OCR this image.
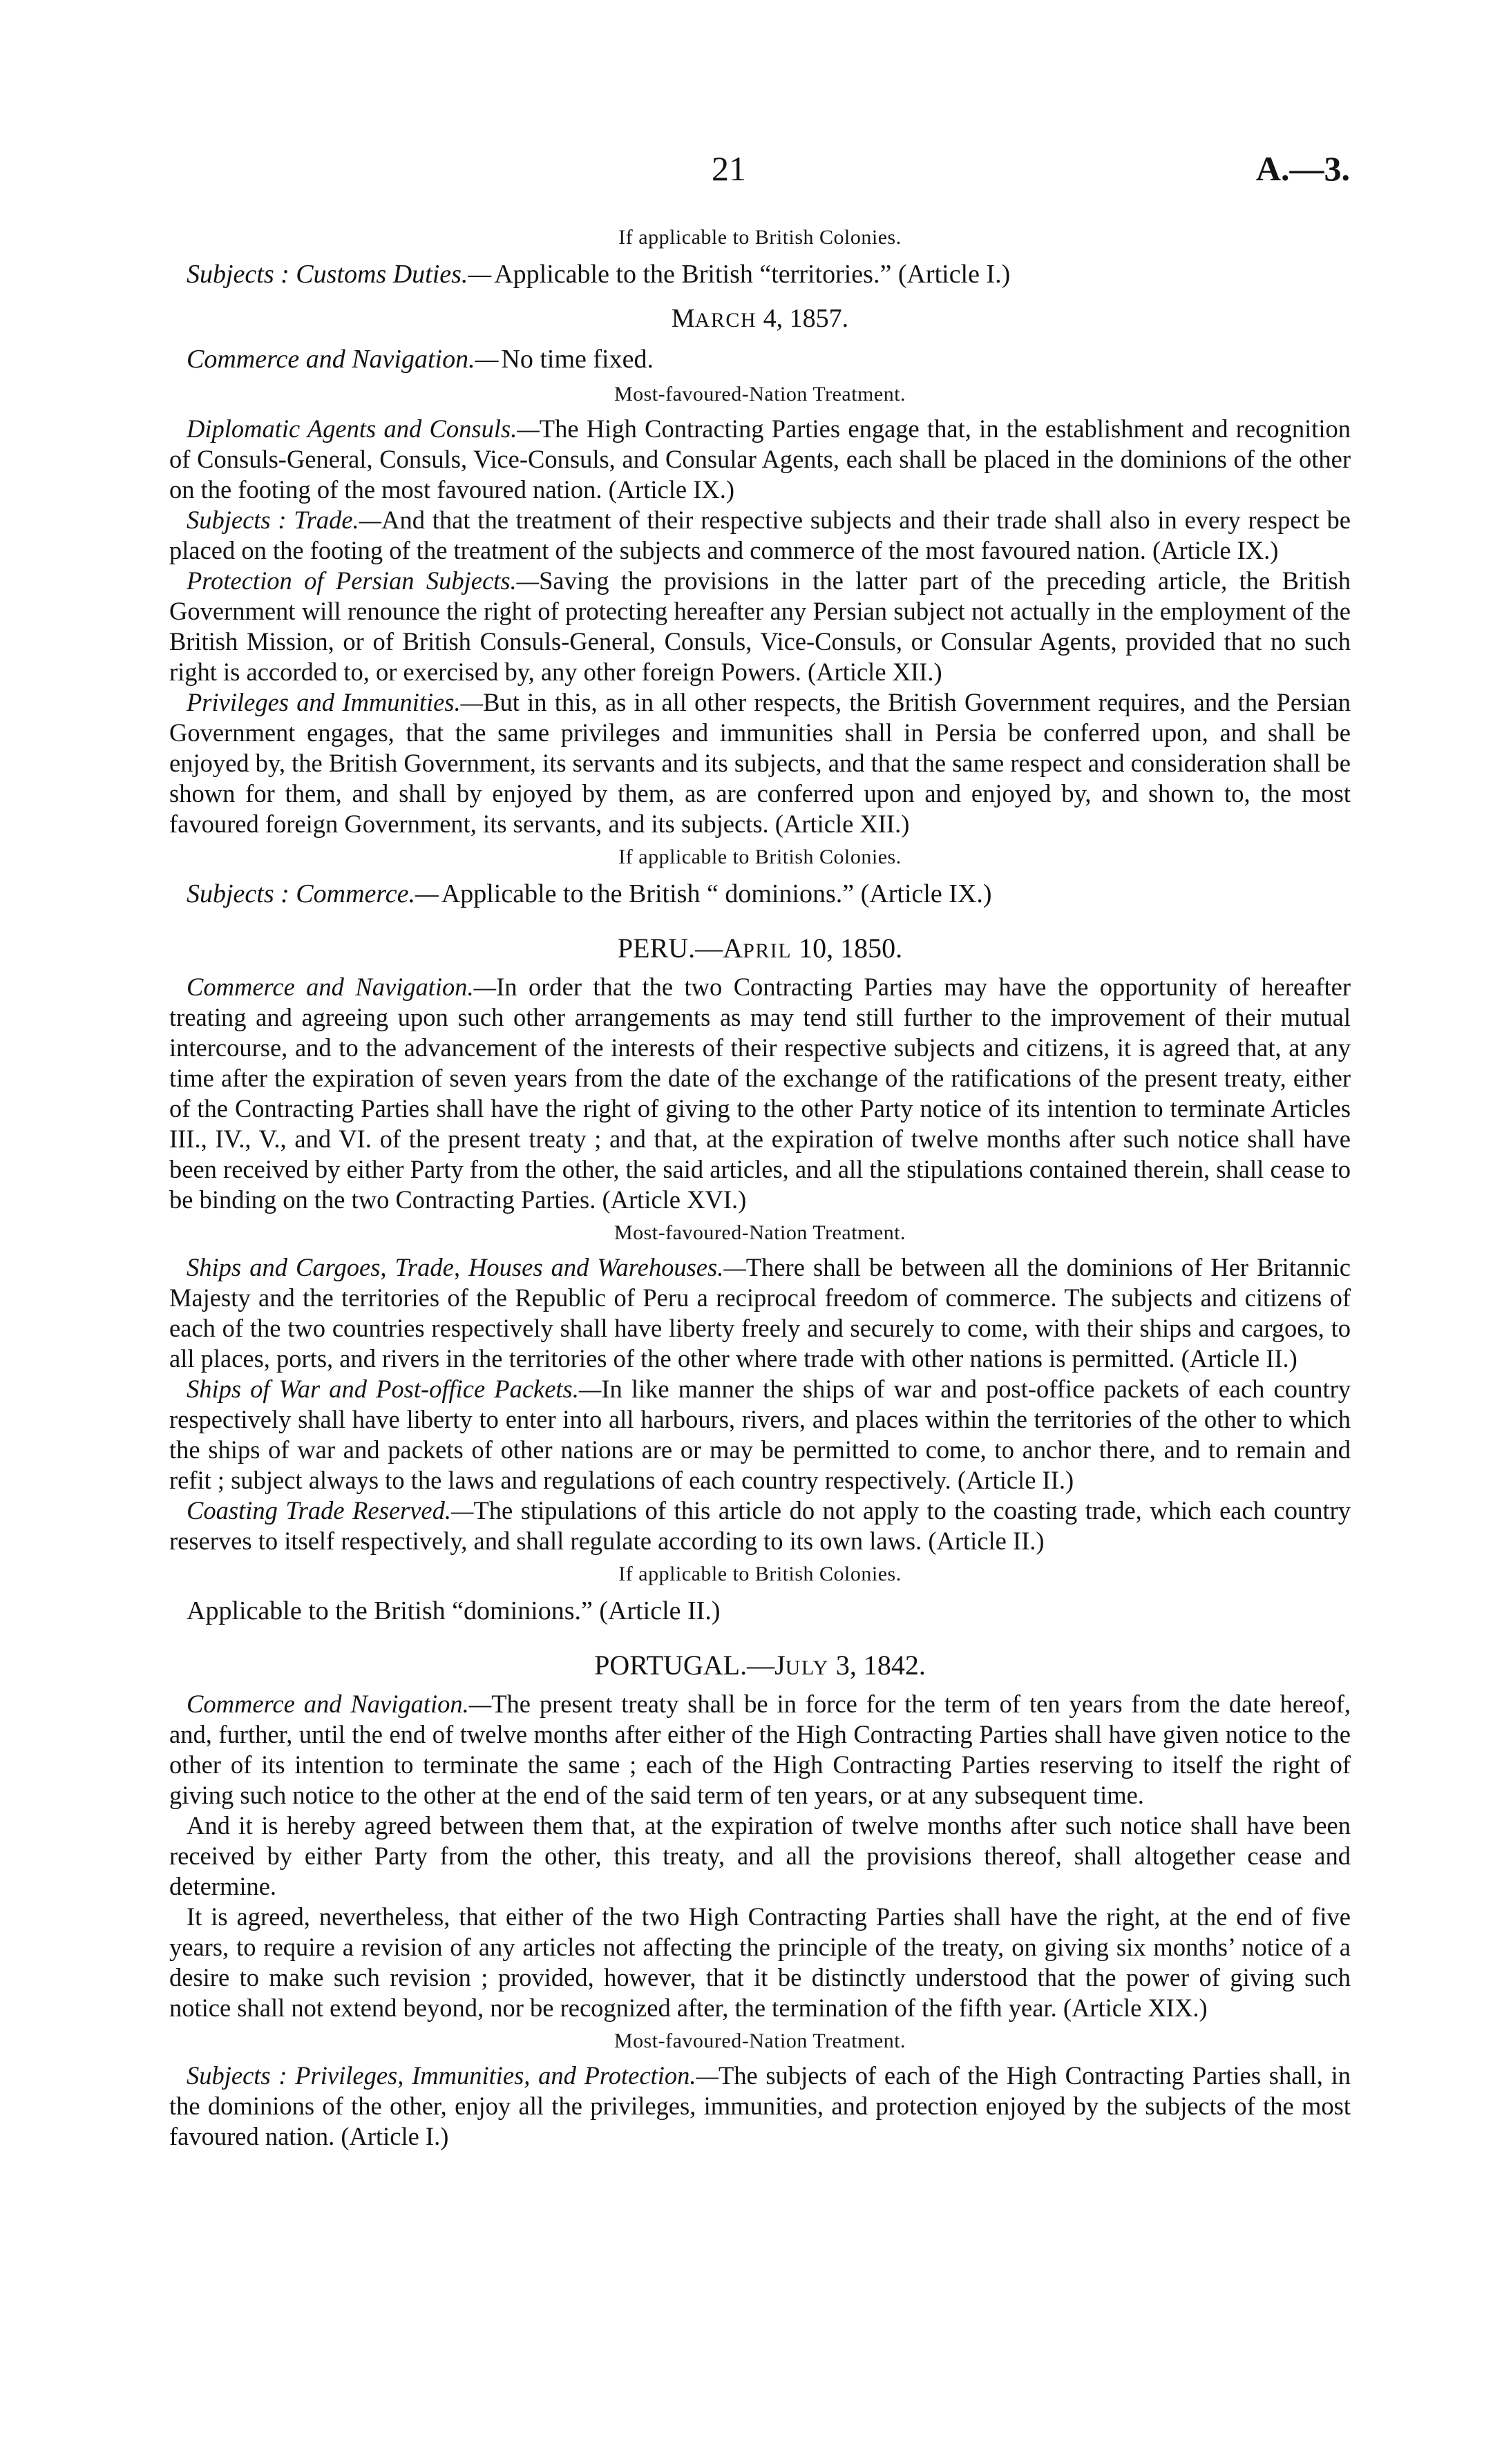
21	A.—3.
If applicable to British Colonies.

Subjects : Customs Duties.— Applicable to the British “territories.” (Article I.)

MARCH 4, 1857.

Commerce and Navigation.— No time fixed.

Most-favoured-Nation Treatment.

Diplomatic Agents and Consuls.—The High Contracting Parties engage that, in the establishment and recognition of Consuls-General, Consuls, Vice-Consuls, and Consular Agents, each shall be placed in the dominions of the other on the footing of the most favoured nation. (Article IX.)

Subjects : Trade.—And that the treatment of their respective subjects and their trade shall also in every respect be placed on the footing of the treatment of the subjects and commerce of the most favoured nation. (Article IX.)

Protection of Persian Subjects.—Saving the provisions in the latter part of the preceding article, the British Government will renounce the right of protecting hereafter any Persian subject not actually in the employment of the British Mission, or of British Consuls-General, Consuls, Vice-Consuls, or Consular Agents, provided that no such right is accorded to, or exercised by, any other foreign Powers. (Article XII.)

Privileges and Immunities.—But in this, as in all other respects, the British Government requires, and the Persian Government engages, that the same privileges and immunities shall in Persia be conferred upon, and shall be enjoyed by, the British Government, its servants and its subjects, and that the same respect and consideration shall be shown for them, and shall by enjoyed by them, as are conferred upon and enjoyed by, and shown to, the most favoured foreign Government, its servants, and its subjects. (Article XII.)

If applicable to British Colonies.

Subjects : Commerce.— Applicable to the British “ dominions.” (Article IX.)

PERU.—APRIL 10, 1850.

Commerce and Navigation.—In order that the two Contracting Parties may have the opportunity of hereafter treating and agreeing upon such other arrangements as may tend still further to the improvement of their mutual intercourse, and to the advancement of the interests of their respective subjects and citizens, it is agreed that, at any time after the expiration of seven years from the date of the exchange of the ratifications of the present treaty, either of the Contracting Parties shall have the right of giving to the other Party notice of its intention to terminate Articles III., IV., V., and VI. of the present treaty ; and that, at the expiration of twelve months after such notice shall have been received by either Party from the other, the said articles, and all the stipulations contained therein, shall cease to be binding on the two Contracting Parties. (Article XVI.)

Most-favoured-Nation Treatment.

Ships and Cargoes, Trade, Houses and Warehouses.—There shall be between all the dominions of Her Britannic Majesty and the territories of the Republic of Peru a reciprocal freedom of commerce. The subjects and citizens of each of the two countries respectively shall have liberty freely and securely to come, with their ships and cargoes, to all places, ports, and rivers in the territories of the other where trade with other nations is permitted. (Article II.)

Ships of War and Post-office Packets.—In like manner the ships of war and post-office packets of each country respectively shall have liberty to enter into all harbours, rivers, and places within the territories of the other to which the ships of war and packets of other nations are or may be permitted to come, to anchor there, and to remain and refit ; subject always to the laws and regulations of each country respectively. (Article II.)

Coasting Trade Reserved.—The stipulations of this article do not apply to the coasting trade, which each country reserves to itself respectively, and shall regulate according to its own laws. (Article II.)

If applicable to British Colonies.

Applicable to the British “dominions.” (Article II.)

PORTUGAL.—JULY 3, 1842.

Commerce and Navigation.—The present treaty shall be in force for the term of ten years from the date hereof, and, further, until the end of twelve months after either of the High Contracting Parties shall have given notice to the other of its intention to terminate the same ; each of the High Contracting Parties reserving to itself the right of giving such notice to the other at the end of the said term of ten years, or at any subsequent time.

And it is hereby agreed between them that, at the expiration of twelve months after such notice shall have been received by either Party from the other, this treaty, and all the provisions thereof, shall altogether cease and determine.

It is agreed, nevertheless, that either of the two High Contracting Parties shall have the right, at the end of five years, to require a revision of any articles not affecting the principle of the treaty, on giving six months’ notice of a desire to make such revision ; provided, however, that it be distinctly understood that the power of giving such notice shall not extend beyond, nor be recognized after, the termination of the fifth year. (Article XIX.)

Most-favoured-Nation Treatment.

Subjects : Privileges, Immunities, and Protection.—The subjects of each of the High Contracting Parties shall, in the dominions of the other, enjoy all the privileges, immunities, and protection enjoyed by the subjects of the most favoured nation. (Article I.)
